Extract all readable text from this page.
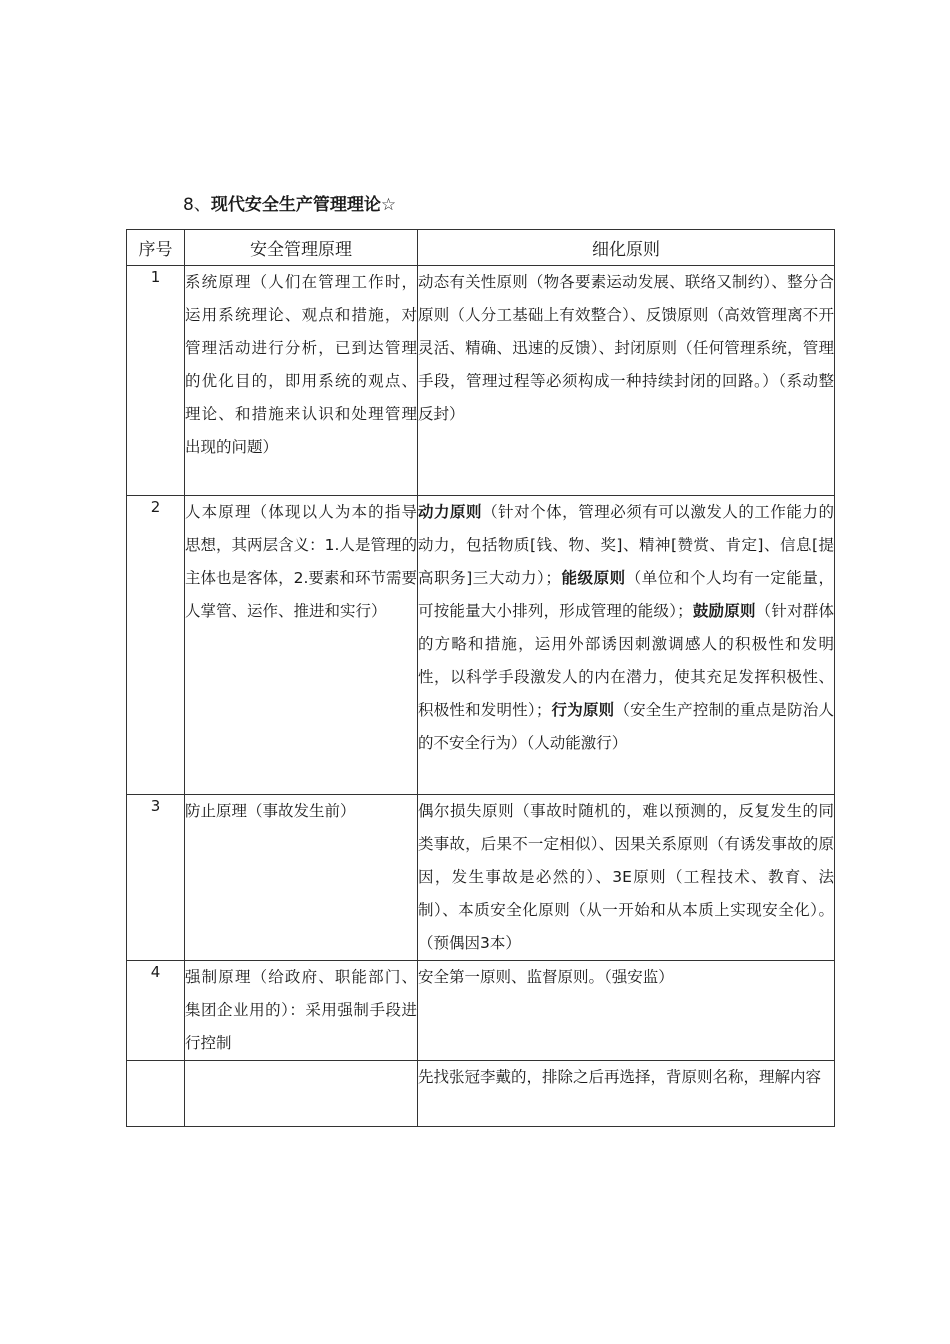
8、现代安全生产管理理论☆
序号	安全管理原理	细化原则
1	系统原理（人们在管理工作时，运用系统理论、观点和措施，对管理活动进行分析，已到达管理的优化目的，即用系统的观点、理论、和措施来认识和处理管理出现的问题）	动态有关性原则（物各要素运动发展、联络又制约）、整分合原则（人分工基础上有效整合）、反馈原则（高效管理离不开灵活、精确、迅速的反馈）、封闭原则（任何管理系统，管理手段，管理过程等必须构成一种持续封闭的回路。）（系动整反封）
2	人本原理（体现以人为本的指导思想，其两层含义：1.人是管理的主体也是客体，2.要素和环节需要人掌管、运作、推进和实行）	动力原则（针对个体，管理必须有可以激发人的工作能力的动力，包括物质[钱、物、奖]、精神[赞赏、肯定]、信息[提高职务]三大动力）；能级原则（单位和个人均有一定能量，可按能量大小排列，形成管理的能级）；鼓励原则（针对群体的方略和措施，运用外部诱因刺激调感人的积极性和发明性，以科学手段激发人的内在潜力，使其充足发挥积极性、积极性和发明性）；行为原则（安全生产控制的重点是防治人的不安全行为）（人动能激行）
3	防止原理（事故发生前）	偶尔损失原则（事故时随机的，难以预测的，反复发生的同类事故，后果不一定相似）、因果关系原则（有诱发事故的原因，发生事故是必然的）、3E原则（工程技术、教育、法制）、本质安全化原则（从一开始和从本质上实现安全化）。（预偶因3本）
4	强制原理（给政府、职能部门、集团企业用的）：采用强制手段进行控制	安全第一原则、监督原则。（强安监）
		先找张冠李戴的，排除之后再选择，背原则名称，理解内容
